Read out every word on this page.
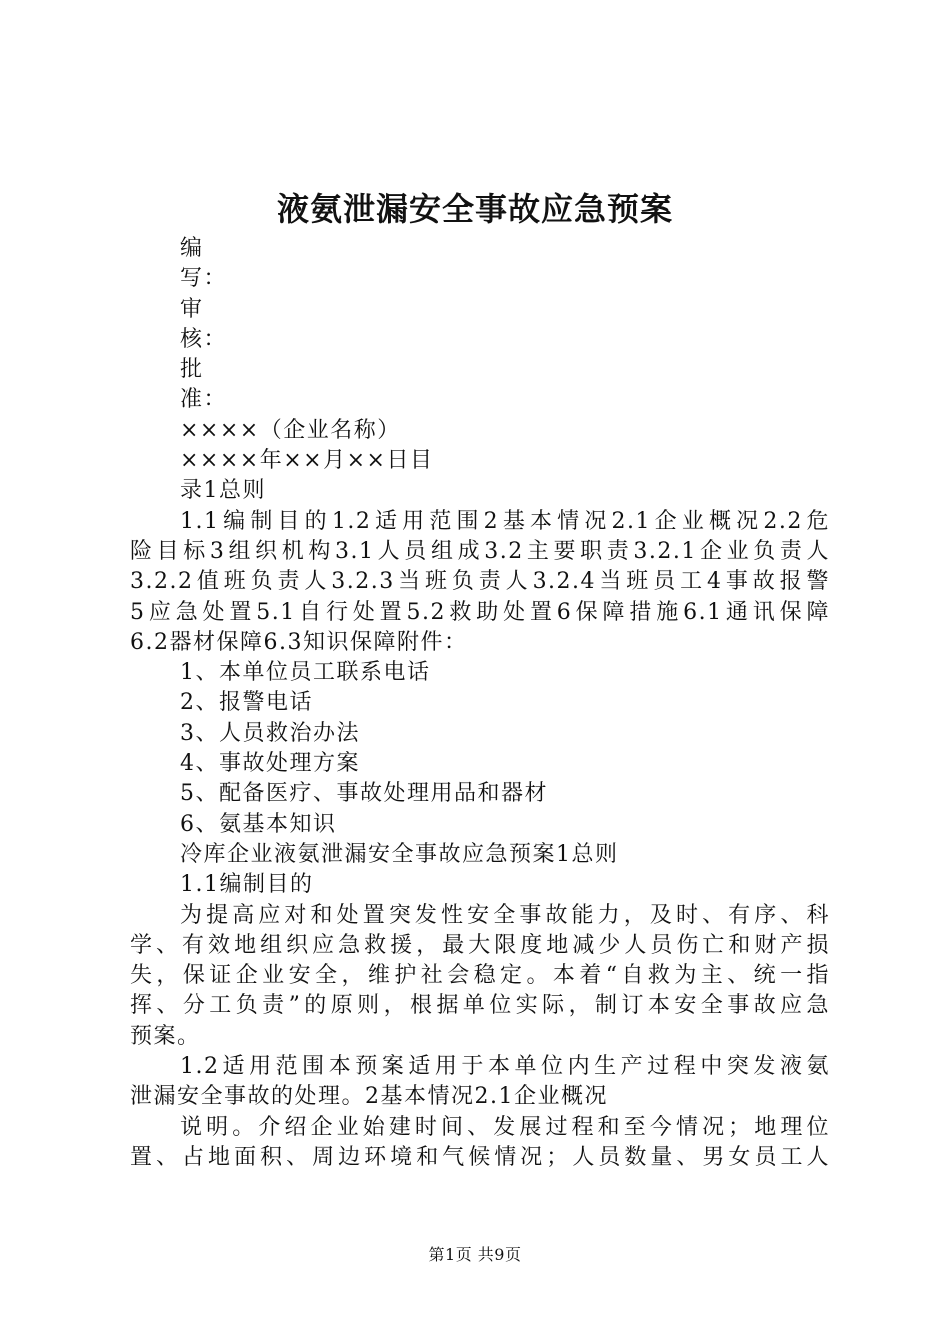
液氨泄漏安全事故应急预案
编
写：
审
核：
批
准：
××××（企业名称）
××××年××月××日目
录1总则
1.1编制目的1.2适用范围2基本情况2.1企业概况2.2危
险目标3组织机构3.1人员组成3.2主要职责3.2.1企业负责人
3.2.2值班负责人3.2.3当班负责人3.2.4当班员工4事故报警
5应急处置5.1自行处置5.2救助处置6保障措施6.1通讯保障
6.2器材保障6.3知识保障附件：
1、本单位员工联系电话
2、报警电话
3、人员救治办法
4、事故处理方案
5、配备医疗、事故处理用品和器材
6、氨基本知识
冷库企业液氨泄漏安全事故应急预案1总则
1.1编制目的
为提高应对和处置突发性安全事故能力，及时、有序、科
学、有效地组织应急救援，最大限度地减少人员伤亡和财产损
失，保证企业安全，维护社会稳定。本着“自救为主、统一指
挥、分工负责”的原则，根据单位实际，制订本安全事故应急
预案。
1.2适用范围本预案适用于本单位内生产过程中突发液氨
泄漏安全事故的处理。2基本情况2.1企业概况
说明。介绍企业始建时间、发展过程和至今情况；地理位
置、占地面积、周边环境和气候情况；人员数量、男女员工人
第1页 共9页
